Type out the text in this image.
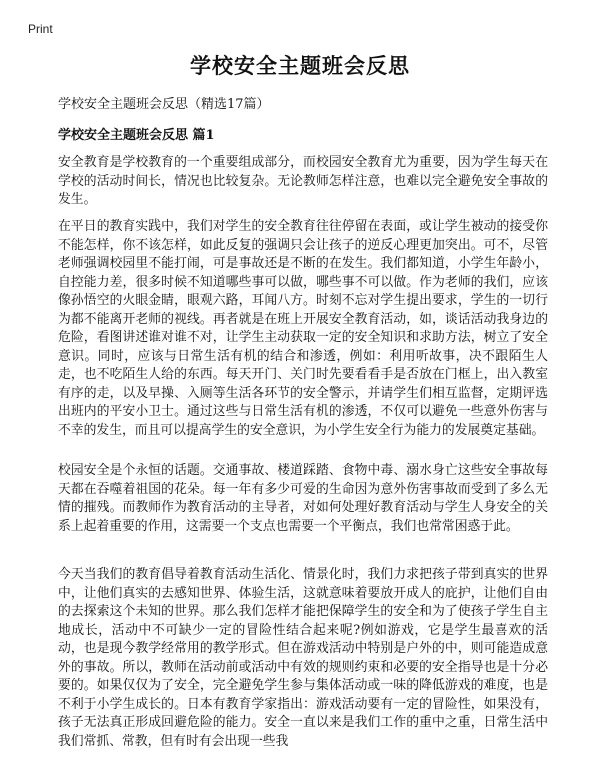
Print
学校安全主题班会反思
学校安全主题班会反思（精选17篇）
学校安全主题班会反思 篇1
安全教育是学校教育的一个重要组成部分，而校园安全教育尤为重要，因为学生每天在学校的活动时间长，情况也比较复杂。无论教师怎样注意，也难以完全避免安全事故的发生。
在平日的教育实践中，我们对学生的安全教育往往停留在表面，或让学生被动的接受你不能怎样，你不该怎样，如此反复的强调只会让孩子的逆反心理更加突出。可不，尽管老师强调校园里不能打闹，可是事故还是不断的在发生。我们都知道，小学生年龄小，自控能力差，很多时候不知道哪些事可以做，哪些事不可以做。作为老师的我们，应该像孙悟空的火眼金睛，眼观六路，耳闻八方。时刻不忘对学生提出要求，学生的一切行为都不能离开老师的视线。再者就是在班上开展安全教育活动，如，谈话活动我身边的危险，看图讲述谁对谁不对，让学生主动获取一定的安全知识和求助方法，树立了安全意识。同时，应该与日常生活有机的结合和渗透，例如：利用听故事，决不跟陌生人走，也不吃陌生人给的东西。每天开门、关门时先要看看手是否放在门框上，出入教室有序的走，以及早操、入厕等生活各环节的安全警示，并请学生们相互监督，定期评选出班内的平安小卫士。通过这些与日常生活有机的渗透，不仅可以避免一些意外伤害与不幸的发生，而且可以提高学生的安全意识，为小学生安全行为能力的发展奠定基础。
校园安全是个永恒的话题。交通事故、楼道踩踏、食物中毒、溺水身亡这些安全事故每天都在吞噬着祖国的花朵。每一年有多少可爱的生命因为意外伤害事故而受到了多么无情的摧残。而教师作为教育活动的主导者，对如何处理好教育活动与学生人身安全的关系上起着重要的作用，这需要一个支点也需要一个平衡点，我们也常常困惑于此。
今天当我们的教育倡导着教育活动生活化、情景化时，我们力求把孩子带到真实的世界中，让他们真实的去感知世界、体验生活，这就意味着要放开成人的庇护，让他们自由的去探索这个未知的世界。那么我们怎样才能把保障学生的安全和为了使孩子学生自主地成长，活动中不可缺少一定的冒险性结合起来呢?例如游戏，它是学生最喜欢的活动，也是现今教学经常用的教学形式。但在游戏活动中特别是户外的中，则可能造成意外的事故。所以，教师在活动前或活动中有效的规则约束和必要的安全指导也是十分必要的。如果仅仅为了安全，完全避免学生参与集体活动或一味的降低游戏的难度，也是不利于小学生成长的。日本有教育学家指出：游戏活动要有一定的冒险性，如果没有，孩子无法真正形成回避危险的能力。安全一直以来是我们工作的重中之重，日常生活中我们常抓、常教，但有时有会出现一些我
